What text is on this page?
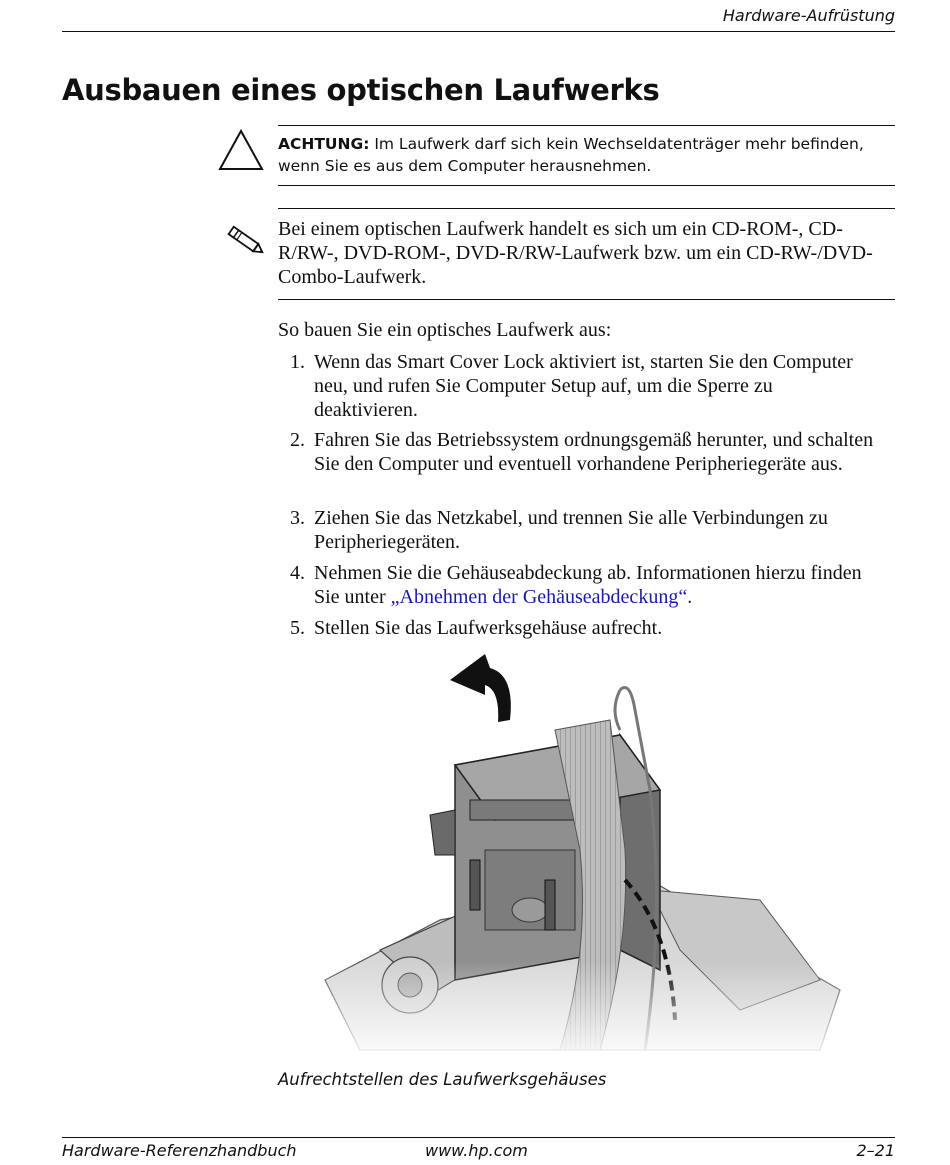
Hardware-Aufrüstung
Ausbauen eines optischen Laufwerks
ACHTUNG: Im Laufwerk darf sich kein Wechseldatenträger mehr befinden, wenn Sie es aus dem Computer herausnehmen.
Bei einem optischen Laufwerk handelt es sich um ein CD-ROM-, CD-R/RW-, DVD-ROM-, DVD-R/RW-Laufwerk bzw. um ein CD-RW-/DVD-Combo-Laufwerk.
So bauen Sie ein optisches Laufwerk aus:
1. Wenn das Smart Cover Lock aktiviert ist, starten Sie den Computer neu, und rufen Sie Computer Setup auf, um die Sperre zu deaktivieren.
2. Fahren Sie das Betriebssystem ordnungsgemäß herunter, und schalten Sie den Computer und eventuell vorhandene Peripheriegeräte aus.
3. Ziehen Sie das Netzkabel, und trennen Sie alle Verbindungen zu Peripheriegeräten.
4. Nehmen Sie die Gehäuseabdeckung ab. Informationen hierzu finden Sie unter „Abnehmen der Gehäuseabdeckung“.
5. Stellen Sie das Laufwerksgehäuse aufrecht.
Aufrechtstellen des Laufwerksgehäuses
Hardware-Referenzhandbuch	www.hp.com	2–21
